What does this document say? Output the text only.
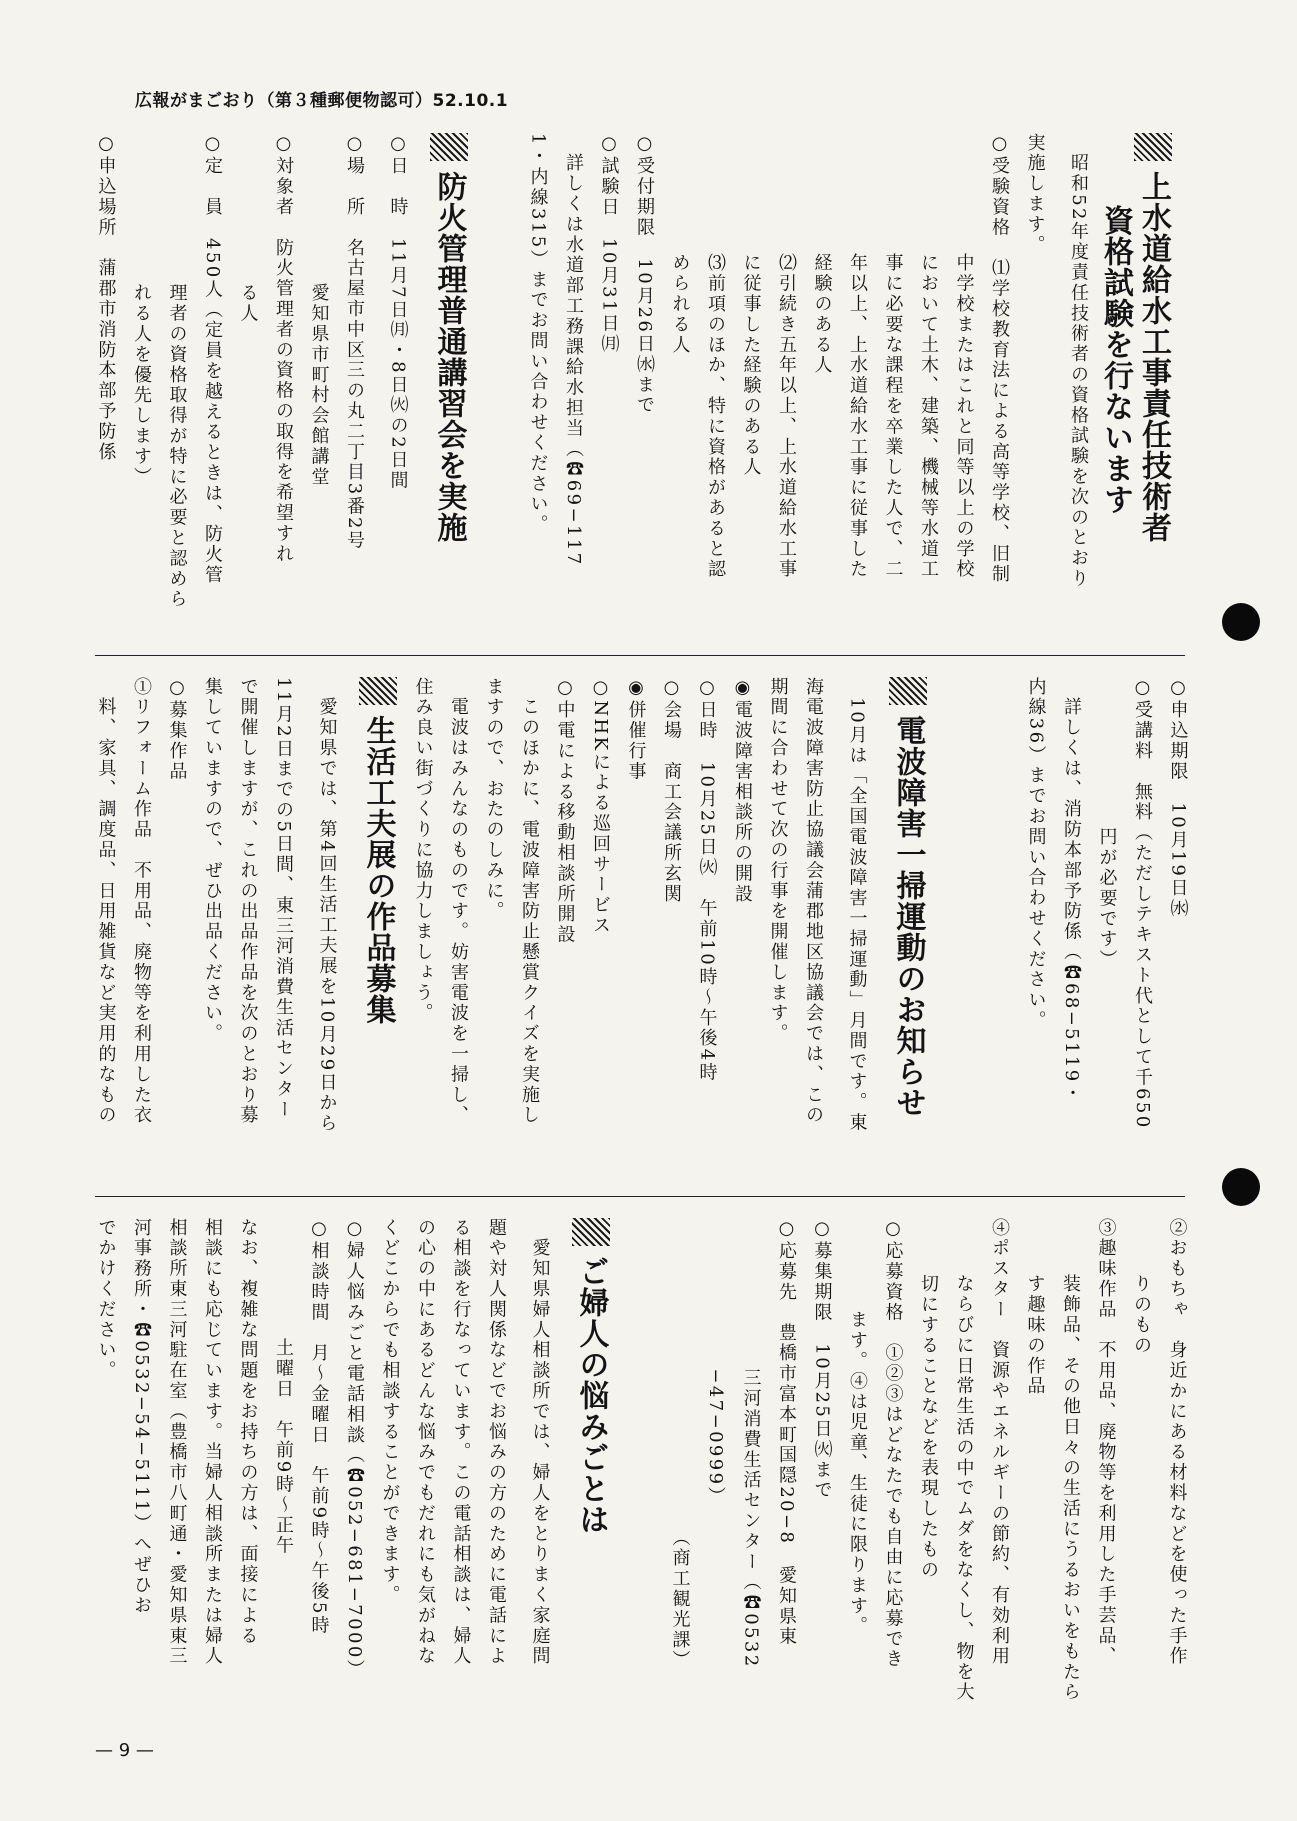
広報がまごおり（第３種郵便物認可）52.10.1

上水道給水工事責任技術者

資格試験を行ないます

　昭和52年度責任技術者の資格試験を次のとおり

実施します。

○受験資格　⑴学校教育法による高等学校、旧制

　中学校またはこれと同等以上の学校

　において土木、建築、機械等水道工

　事に必要な課程を卒業した人で、二

　年以上、上水道給水工事に従事した

　経験のある人

　⑵引続き五年以上、上水道給水工事

　に従事した経験のある人

　⑶前項のほか、特に資格があると認

　められる人

○受付期限　10月26日㈬まで

○試験日　10月31日㈪

　詳しくは水道部工務課給水担当（☎69−117

1・内線315）までお問い合わせください。

防火管理普通講習会を実施

○日　時　11月7日㈪・8日㈫の2日間

○場　所　名古屋市中区三の丸二丁目3番2号

　愛知県市町村会館講堂

○対象者　防火管理者の資格の取得を希望すれ

　る人

○定　員　450人（定員を越えるときは、防火管

　理者の資格取得が特に必要と認めら

　れる人を優先します）

○申込場所　蒲郡市消防本部予防係

○申込期限　10月19日㈬

○受講料　無料（ただしテキスト代として千650

　円が必要です）

　詳しくは、消防本部予防係（☎68−5119・

内線36）までお問い合わせください。

電波障害一掃運動のお知らせ

　10月は「全国電波障害一掃運動」月間です。東

海電波障害防止協議会蒲郡地区協議会では、この

期間に合わせて次の行事を開催します。

◉電波障害相談所の開設

○日時　10月25日㈫　午前10時〜午後4時

○会場　商工会議所玄関

◉併催行事

○NHKによる巡回サービス

○中電による移動相談所開設

　このほかに、電波障害防止懸賞クイズを実施し

ますので、おたのしみに。

　電波はみんなのものです。妨害電波を一掃し、

住み良い街づくりに協力しましょう。

生活工夫展の作品募集

　愛知県では、第4回生活工夫展を10月29日から

11月2日までの5日間、東三河消費生活センター

で開催しますが、これの出品作品を次のとおり募

集していますので、ぜひ出品ください。

○募集作品

①リフォーム作品　不用品、廃物等を利用した衣

　料、家具、調度品、日用雑貨など実用的なもの

②おもちゃ　身近かにある材料などを使った手作

　りのもの

③趣味作品　不用品、廃物等を利用した手芸品、

　装飾品、その他日々の生活にうるおいをもたら

　す趣味の作品

④ポスター　資源やエネルギーの節約、有効利用

　ならびに日常生活の中でムダをなくし、物を大

　切にすることなどを表現したもの

○応募資格　①②③はどなたでも自由に応募でき

　ます。④は児童、生徒に限ります。

○募集期限　10月25日㈫まで

○応募先　豊橋市富本町国隠20−8　愛知県東

　三河消費生活センター（☎0532

　−47−0999）

（商工観光課）

ご婦人の悩みごとは

　愛知県婦人相談所では、婦人をとりまく家庭問

題や対人関係などでお悩みの方のために電話によ

る相談を行なっています。この電話相談は、婦人

の心の中にあるどんな悩みでもだれにも気がねな

くどこからでも相談することができます。

○婦人悩みごと電話相談（☎052−681−7000）

○相談時間　月〜金曜日　午前9時〜午後5時

　土曜日　午前9時〜正午

なお、複雑な問題をお持ちの方は、面接による

相談にも応じています。当婦人相談所または婦人

相談所東三河駐在室（豊橋市八町通・愛知県東三

河事務所・☎0532−54−5111）へぜひお

でかけください。

— 9 —
